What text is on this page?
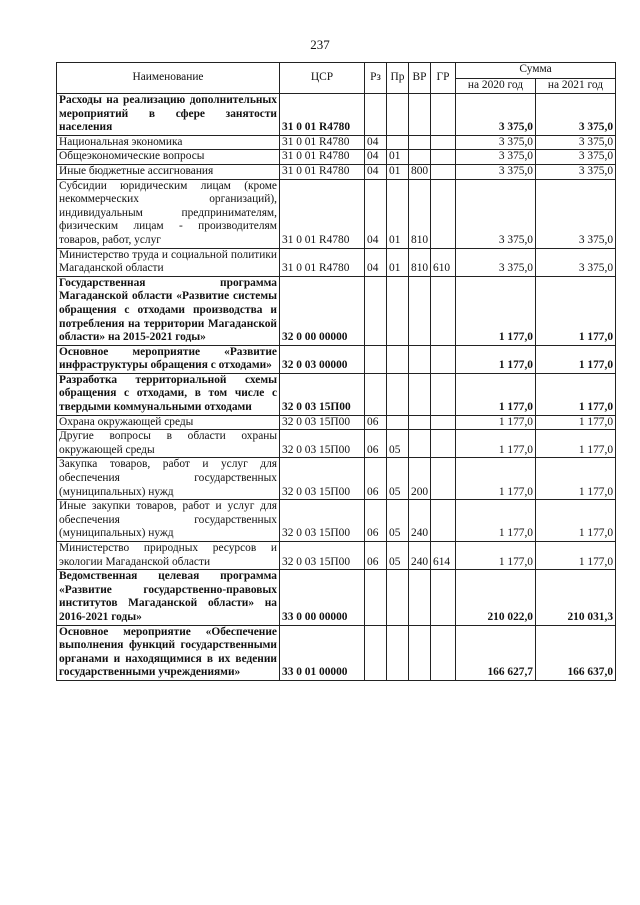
237
Наименование	ЦСР	Рз	Пр	ВР	ГР	Сумма	
						на 2020 год	на 2021 год
Расходы на реализацию дополнительных мероприятий в сфере занятости населения	31 0 01 R4780					3 375,0	3 375,0
Национальная экономика	31 0 01 R4780	04				3 375,0	3 375,0
Общеэкономические вопросы	31 0 01 R4780	04	01			3 375,0	3 375,0
Иные бюджетные ассигнования	31 0 01 R4780	04	01	800		3 375,0	3 375,0
Субсидии юридическим лицам (кроме некоммерческих организаций), индивидуальным предпринимателям, физическим лицам - производителям товаров, работ, услуг	31 0 01 R4780	04	01	810		3 375,0	3 375,0
Министерство труда и социальной политики Магаданской области	31 0 01 R4780	04	01	810	610	3 375,0	3 375,0
Государственная программа Магаданской области «Развитие системы обращения с отходами производства и потребления на территории Магаданской области» на 2015-2021 годы»	32 0 00 00000					1 177,0	1 177,0
Основное мероприятие «Развитие инфраструктуры обращения с отходами»	32 0 03 00000					1 177,0	1 177,0
Разработка территориальной схемы обращения с отходами, в том числе с твердыми коммунальными отходами	32 0 03 15П00					1 177,0	1 177,0
Охрана окружающей среды	32 0 03 15П00	06				1 177,0	1 177,0
Другие вопросы в области охраны окружающей среды	32 0 03 15П00	06	05			1 177,0	1 177,0
Закупка товаров, работ и услуг для обеспечения государственных (муниципальных) нужд	32 0 03 15П00	06	05	200		1 177,0	1 177,0
Иные закупки товаров, работ и услуг для обеспечения государственных (муниципальных) нужд	32 0 03 15П00	06	05	240		1 177,0	1 177,0
Министерство природных ресурсов и экологии Магаданской области	32 0 03 15П00	06	05	240	614	1 177,0	1 177,0
Ведомственная целевая программа «Развитие государственно-правовых институтов Магаданской области» на 2016-2021 годы»	33 0 00 00000					210 022,0	210 031,3
Основное мероприятие «Обеспечение выполнения функций государственными органами и находящимися в их ведении государственными учреждениями»	33 0 01 00000					166 627,7	166 637,0
